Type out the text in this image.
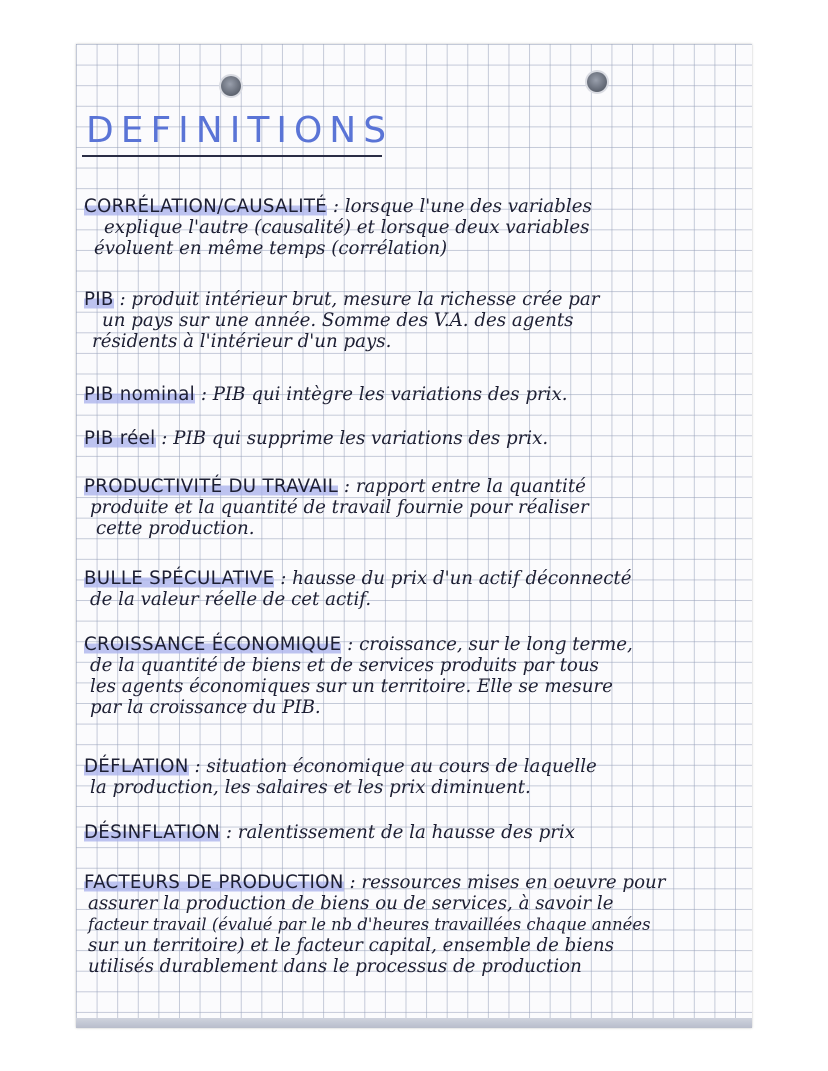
DEFINITIONS
CORRÉLATION/CAUSALITÉ : lorsque l'une des variables
explique l'autre (causalité) et lorsque deux variables
évoluent en même temps (corrélation)
PIB : produit intérieur brut, mesure la richesse crée par
un pays sur une année. Somme des V.A. des agents
résidents à l'intérieur d'un pays.
PIB nominal : PIB qui intègre les variations des prix.
PIB réel : PIB qui supprime les variations des prix.
PRODUCTIVITÉ DU TRAVAIL : rapport entre la quantité
produite et la quantité de travail fournie pour réaliser
cette production.
BULLE SPÉCULATIVE : hausse du prix d'un actif déconnecté
de la valeur réelle de cet actif.
CROISSANCE ÉCONOMIQUE : croissance, sur le long terme,
de la quantité de biens et de services produits par tous
les agents économiques sur un territoire. Elle se mesure
par la croissance du PIB.
DÉFLATION : situation économique au cours de laquelle
la production, les salaires et les prix diminuent.
DÉSINFLATION : ralentissement de la hausse des prix
FACTEURS DE PRODUCTION : ressources mises en oeuvre pour
assurer la production de biens ou de services, à savoir le
facteur travail (évalué par le nb d'heures travaillées chaque années
sur un territoire) et le facteur capital, ensemble de biens
utilisés durablement dans le processus de production
